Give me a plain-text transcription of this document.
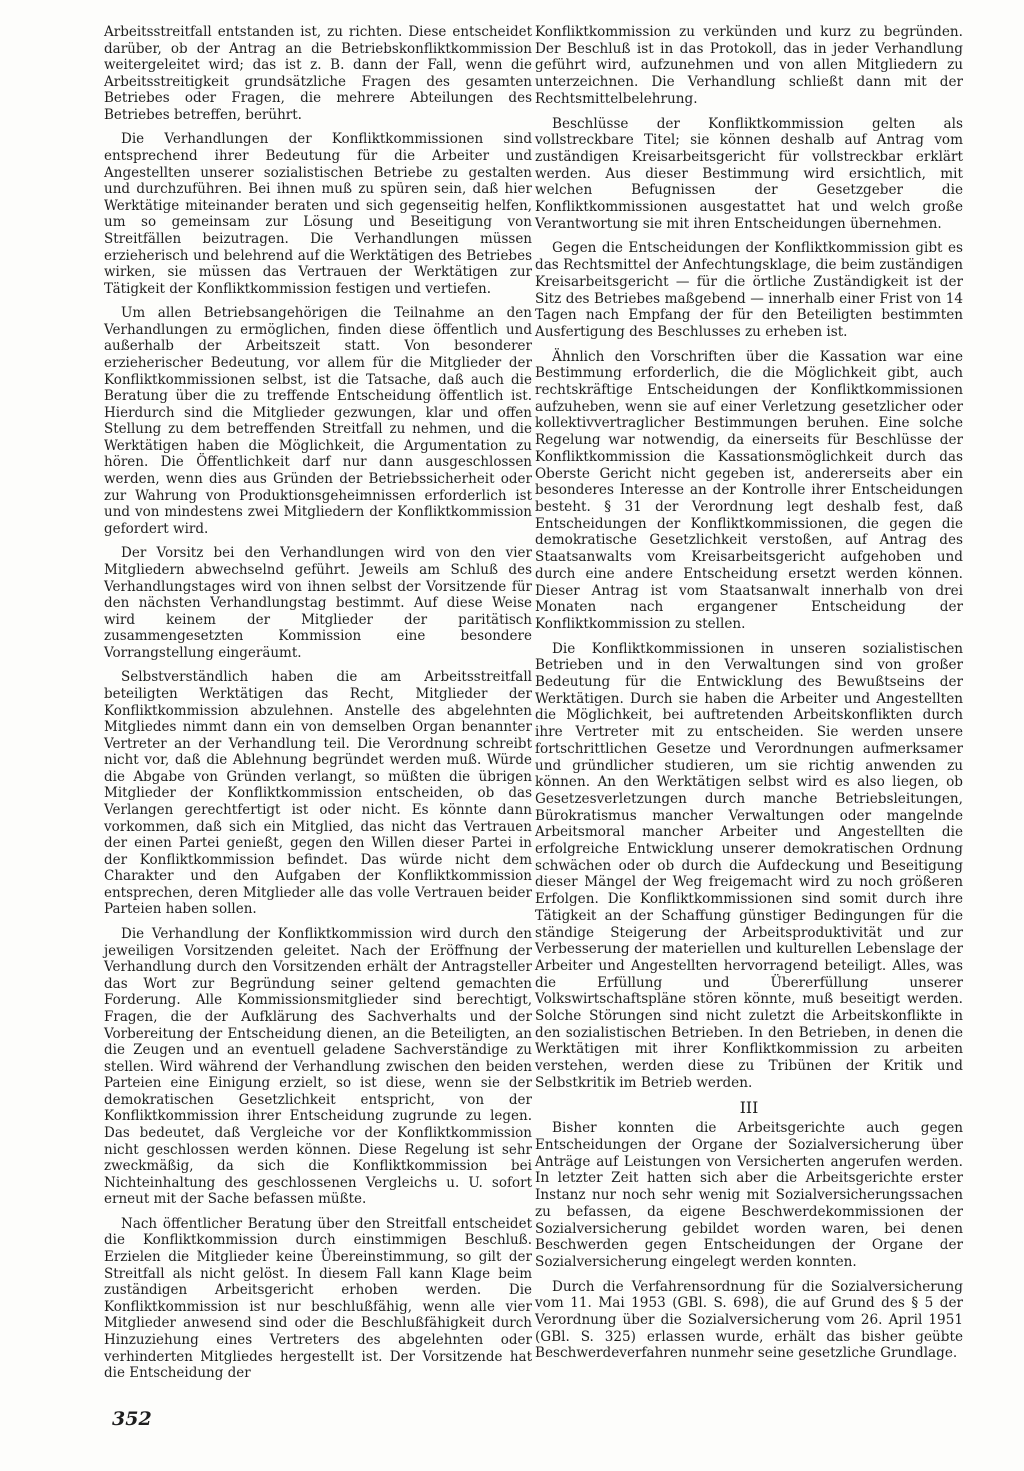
Arbeitsstreitfall entstanden ist, zu richten. Diese entscheidet darüber, ob der Antrag an die Betriebskonfliktkommission weitergeleitet wird; das ist z. B. dann der Fall, wenn die Arbeitsstreitigkeit grundsätzliche Fragen des gesamten Betriebes oder Fragen, die mehrere Abteilungen des Betriebes betreffen, berührt.

Die Verhandlungen der Konfliktkommissionen sind entsprechend ihrer Bedeutung für die Arbeiter und Angestellten unserer sozialistischen Betriebe zu gestalten und durchzuführen. Bei ihnen muß zu spüren sein, daß hier Werktätige miteinander beraten und sich gegenseitig helfen, um so gemeinsam zur Lösung und Beseitigung von Streitfällen beizutragen. Die Verhandlungen müssen erzieherisch und belehrend auf die Werktätigen des Betriebes wirken, sie müssen das Vertrauen der Werktätigen zur Tätigkeit der Konfliktkommission festigen und vertiefen.

Um allen Betriebsangehörigen die Teilnahme an den Verhandlungen zu ermöglichen, finden diese öffentlich und außerhalb der Arbeitszeit statt. Von besonderer erzieherischer Bedeutung, vor allem für die Mitglieder der Konfliktkommissionen selbst, ist die Tatsache, daß auch die Beratung über die zu treffende Entscheidung öffentlich ist. Hierdurch sind die Mitglieder gezwungen, klar und offen Stellung zu dem betreffenden Streitfall zu nehmen, und die Werktätigen haben die Möglichkeit, die Argumentation zu hören. Die Öffentlichkeit darf nur dann ausgeschlossen werden, wenn dies aus Gründen der Betriebssicherheit oder zur Wahrung von Produktionsgeheimnissen erforderlich ist und von mindestens zwei Mitgliedern der Konfliktkommission gefordert wird.

Der Vorsitz bei den Verhandlungen wird von den vier Mitgliedern abwechselnd geführt. Jeweils am Schluß des Verhandlungstages wird von ihnen selbst der Vorsitzende für den nächsten Verhandlungstag bestimmt. Auf diese Weise wird keinem der Mitglieder der paritätisch zusammengesetzten Kommission eine besondere Vorrangstellung eingeräumt.

Selbstverständlich haben die am Arbeitsstreitfall beteiligten Werktätigen das Recht, Mitglieder der Konfliktkommission abzulehnen. Anstelle des abgelehnten Mitgliedes nimmt dann ein von demselben Organ benannter Vertreter an der Verhandlung teil. Die Verordnung schreibt nicht vor, daß die Ablehnung begründet werden muß. Würde die Abgabe von Gründen verlangt, so müßten die übrigen Mitglieder der Konfliktkommission entscheiden, ob das Verlangen gerechtfertigt ist oder nicht. Es könnte dann vorkommen, daß sich ein Mitglied, das nicht das Vertrauen der einen Partei genießt, gegen den Willen dieser Partei in der Konfliktkommission befindet. Das würde nicht dem Charakter und den Aufgaben der Konfliktkommission entsprechen, deren Mitglieder alle das volle Vertrauen beider Parteien haben sollen.

Die Verhandlung der Konfliktkommission wird durch den jeweiligen Vorsitzenden geleitet. Nach der Eröffnung der Verhandlung durch den Vorsitzenden erhält der Antragsteller das Wort zur Begründung seiner geltend gemachten Forderung. Alle Kommissionsmitglieder sind berechtigt, Fragen, die der Aufklärung des Sachverhalts und der Vorbereitung der Entscheidung dienen, an die Beteiligten, an die Zeugen und an eventuell geladene Sachverständige zu stellen. Wird während der Verhandlung zwischen den beiden Parteien eine Einigung erzielt, so ist diese, wenn sie der demokratischen Gesetzlichkeit entspricht, von der Konfliktkommission ihrer Entscheidung zugrunde zu legen. Das bedeutet, daß Vergleiche vor der Konfliktkommission nicht geschlossen werden können. Diese Regelung ist sehr zweckmäßig, da sich die Konfliktkommission bei Nichteinhaltung des geschlossenen Vergleichs u. U. sofort erneut mit der Sache befassen müßte.

Nach öffentlicher Beratung über den Streitfall entscheidet die Konfliktkommission durch einstimmigen Beschluß. Erzielen die Mitglieder keine Übereinstimmung, so gilt der Streitfall als nicht gelöst. In diesem Fall kann Klage beim zuständigen Arbeitsgericht erhoben werden. Die Konfliktkommission ist nur beschlußfähig, wenn alle vier Mitglieder anwesend sind oder die Beschlußfähigkeit durch Hinzuziehung eines Vertreters des abgelehnten oder verhinderten Mitgliedes hergestellt ist. Der Vorsitzende hat die Entscheidung der

Konfliktkommission zu verkünden und kurz zu begründen. Der Beschluß ist in das Protokoll, das in jeder Verhandlung geführt wird, aufzunehmen und von allen Mitgliedern zu unterzeichnen. Die Verhandlung schließt dann mit der Rechtsmittelbelehrung.

Beschlüsse der Konfliktkommission gelten als vollstreckbare Titel; sie können deshalb auf Antrag vom zuständigen Kreisarbeitsgericht für vollstreckbar erklärt werden. Aus dieser Bestimmung wird ersichtlich, mit welchen Befugnissen der Gesetzgeber die Konfliktkommissionen ausgestattet hat und welch große Verantwortung sie mit ihren Entscheidungen übernehmen.

Gegen die Entscheidungen der Konfliktkommission gibt es das Rechtsmittel der Anfechtungsklage, die beim zuständigen Kreisarbeitsgericht — für die örtliche Zuständigkeit ist der Sitz des Betriebes maßgebend — innerhalb einer Frist von 14 Tagen nach Empfang der für den Beteiligten bestimmten Ausfertigung des Beschlusses zu erheben ist.

Ähnlich den Vorschriften über die Kassation war eine Bestimmung erforderlich, die die Möglichkeit gibt, auch rechtskräftige Entscheidungen der Konfliktkommissionen aufzuheben, wenn sie auf einer Verletzung gesetzlicher oder kollektivvertraglicher Bestimmungen beruhen. Eine solche Regelung war notwendig, da einerseits für Beschlüsse der Konfliktkommission die Kassationsmöglichkeit durch das Oberste Gericht nicht gegeben ist, andererseits aber ein besonderes Interesse an der Kontrolle ihrer Entscheidungen besteht. § 31 der Verordnung legt deshalb fest, daß Entscheidungen der Konfliktkommissionen, die gegen die demokratische Gesetzlichkeit verstoßen, auf Antrag des Staatsanwalts vom Kreisarbeitsgericht aufgehoben und durch eine andere Entscheidung ersetzt werden können. Dieser Antrag ist vom Staatsanwalt innerhalb von drei Monaten nach ergangener Entscheidung der Konfliktkommission zu stellen.

Die Konfliktkommissionen in unseren sozialistischen Betrieben und in den Verwaltungen sind von großer Bedeutung für die Entwicklung des Bewußtseins der Werktätigen. Durch sie haben die Arbeiter und Angestellten die Möglichkeit, bei auftretenden Arbeitskonflikten durch ihre Vertreter mit zu entscheiden. Sie werden unsere fortschrittlichen Gesetze und Verordnungen aufmerksamer und gründlicher studieren, um sie richtig anwenden zu können. An den Werktätigen selbst wird es also liegen, ob Gesetzesverletzungen durch manche Betriebsleitungen, Bürokratismus mancher Verwaltungen oder mangelnde Arbeitsmoral mancher Arbeiter und Angestellten die erfolgreiche Entwicklung unserer demokratischen Ordnung schwächen oder ob durch die Aufdeckung und Beseitigung dieser Mängel der Weg freigemacht wird zu noch größeren Erfolgen. Die Konfliktkommissionen sind somit durch ihre Tätigkeit an der Schaffung günstiger Bedingungen für die ständige Steigerung der Arbeitsproduktivität und zur Verbesserung der materiellen und kulturellen Lebenslage der Arbeiter und Angestellten hervorragend beteiligt. Alles, was die Erfüllung und Übererfüllung unserer Volkswirtschaftspläne stören könnte, muß beseitigt werden. Solche Störungen sind nicht zuletzt die Arbeitskonflikte in den sozialistischen Betrieben. In den Betrieben, in denen die Werktätigen mit ihrer Konfliktkommission zu arbeiten verstehen, werden diese zu Tribünen der Kritik und Selbstkritik im Betrieb werden.

III

Bisher konnten die Arbeitsgerichte auch gegen Entscheidungen der Organe der Sozialversicherung über Anträge auf Leistungen von Versicherten angerufen werden. In letzter Zeit hatten sich aber die Arbeitsgerichte erster Instanz nur noch sehr wenig mit Sozialversicherungssachen zu befassen, da eigene Beschwerdekommissionen der Sozialversicherung gebildet worden waren, bei denen Beschwerden gegen Entscheidungen der Organe der Sozialversicherung eingelegt werden konnten.

Durch die Verfahrensordnung für die Sozialversicherung vom 11. Mai 1953 (GBl. S. 698), die auf Grund des § 5 der Verordnung über die Sozialversicherung vom 26. April 1951 (GBl. S. 325) erlassen wurde, erhält das bisher geübte Beschwerdeverfahren nunmehr seine gesetzliche Grundlage.

352
